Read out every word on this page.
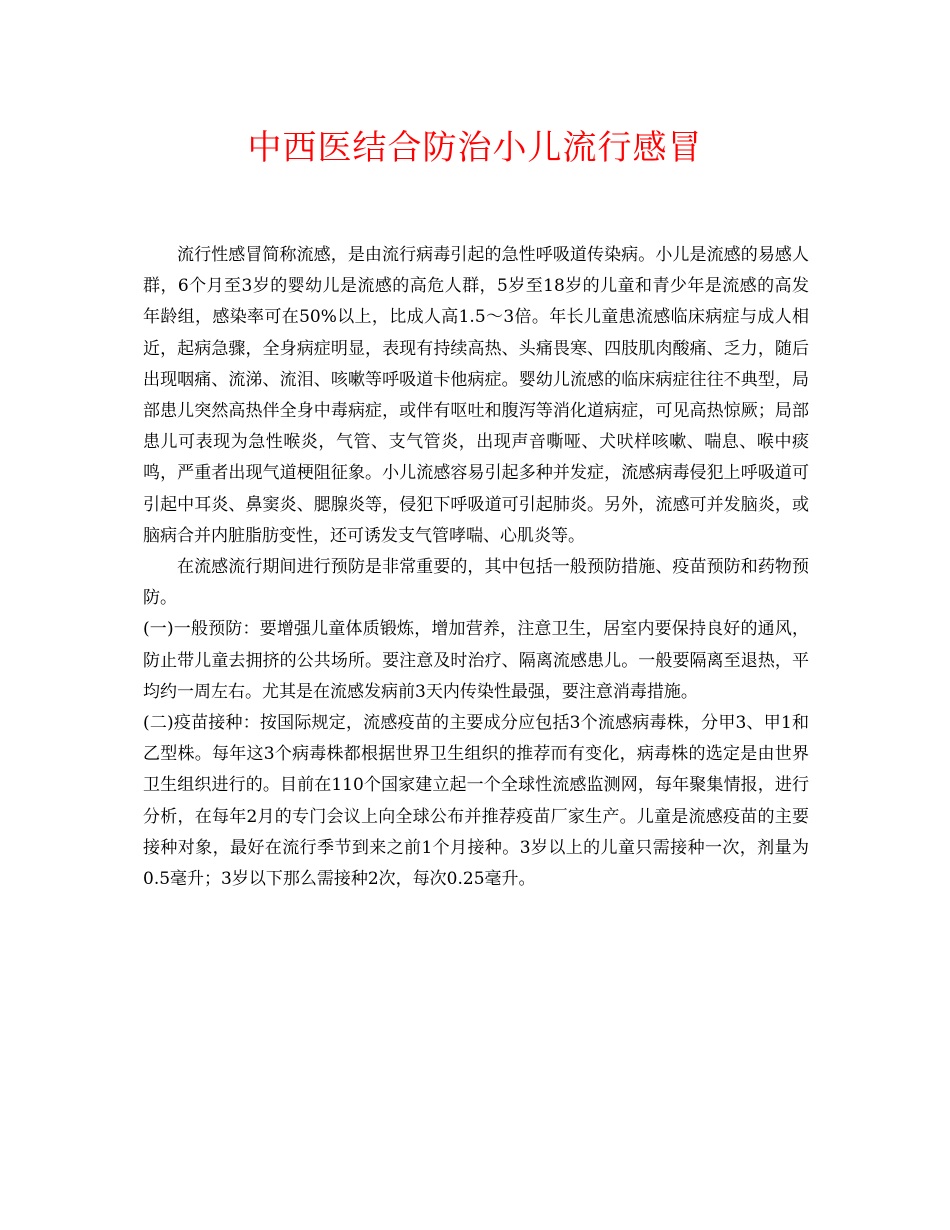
中西医结合防治小儿流行感冒

流行性感冒简称流感，是由流行病毒引起的急性呼吸道传染病。小儿是流感的易感人群，6个月至3岁的婴幼儿是流感的高危人群，5岁至18岁的儿童和青少年是流感的高发年龄组，感染率可在50%以上，比成人高1.5～3倍。年长儿童患流感临床病症与成人相近，起病急骤，全身病症明显，表现有持续高热、头痛畏寒、四肢肌肉酸痛、乏力，随后出现咽痛、流涕、流泪、咳嗽等呼吸道卡他病症。婴幼儿流感的临床病症往往不典型，局部患儿突然高热伴全身中毒病症，或伴有呕吐和腹泻等消化道病症，可见高热惊厥；局部患儿可表现为急性喉炎，气管、支气管炎，出现声音嘶哑、犬吠样咳嗽、喘息、喉中痰鸣，严重者出现气道梗阻征象。小儿流感容易引起多种并发症，流感病毒侵犯上呼吸道可引起中耳炎、鼻窦炎、腮腺炎等，侵犯下呼吸道可引起肺炎。另外，流感可并发脑炎，或脑病合并内脏脂肪变性，还可诱发支气管哮喘、心肌炎等。

在流感流行期间进行预防是非常重要的，其中包括一般预防措施、疫苗预防和药物预防。

(一)一般预防：要增强儿童体质锻炼，增加营养，注意卫生，居室内要保持良好的通风，防止带儿童去拥挤的公共场所。要注意及时治疗、隔离流感患儿。一般要隔离至退热，平均约一周左右。尤其是在流感发病前3天内传染性最强，要注意消毒措施。

(二)疫苗接种：按国际规定，流感疫苗的主要成分应包括3个流感病毒株，分甲3、甲1和乙型株。每年这3个病毒株都根据世界卫生组织的推荐而有变化，病毒株的选定是由世界卫生组织进行的。目前在110个国家建立起一个全球性流感监测网，每年聚集情报，进行分析，在每年2月的专门会议上向全球公布并推荐疫苗厂家生产。儿童是流感疫苗的主要接种对象，最好在流行季节到来之前1个月接种。3岁以上的儿童只需接种一次，剂量为0.5毫升；3岁以下那么需接种2次，每次0.25毫升。
